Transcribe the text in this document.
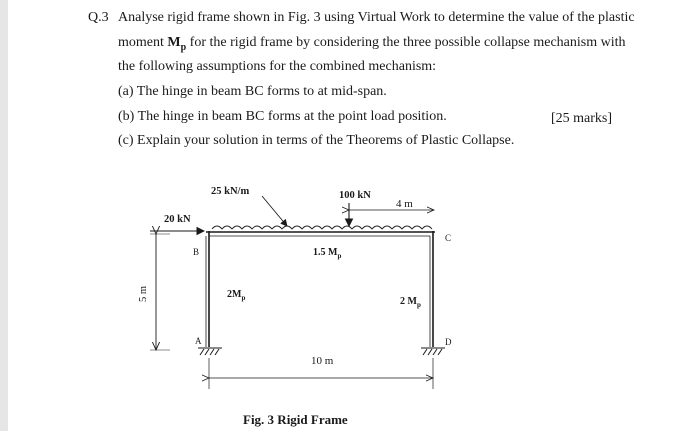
Q.3 Analyse rigid frame shown in Fig. 3 using Virtual Work to determine the value of the plastic
moment $M_p$ for the rigid frame by considering the three possible collapse mechanism with
the following assumptions for the combined mechanism:
(a) The hinge in beam BC forms to at mid-span.
(b) The hinge in beam BC forms at the point load position.
(c) Explain your solution in terms of the Theorems of Plastic Collapse.
[25 marks]
25 kN/m	100 kN
4 m
20 kN
B
C
A	D
1.5 $M_p$
$2M_p$	2 $M_p$
5 m
10 m
Fig. 3 Rigid Frame
